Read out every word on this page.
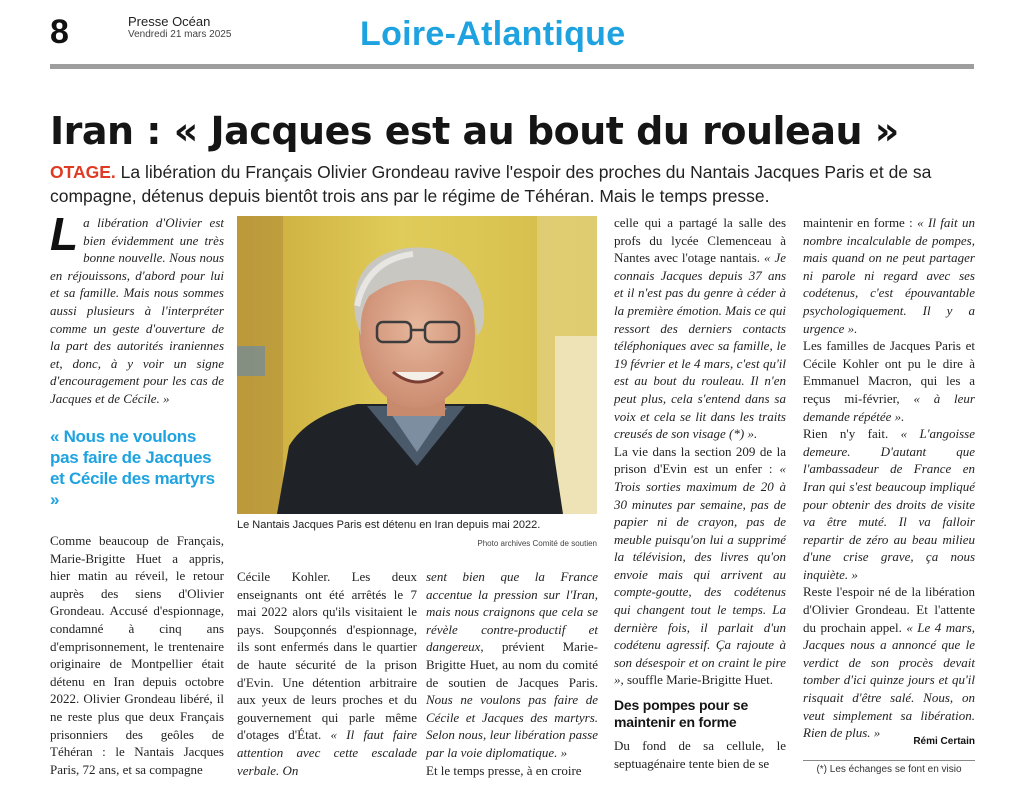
8	Presse Océan
Vendredi 21 mars 2025	Loire-Atlantique
Iran : « Jacques est au bout du rouleau »
OTAGE. La libération du Français Olivier Grondeau ravive l'espoir des proches du Nantais Jacques Paris et de sa compagne, détenus depuis bientôt trois ans par le régime de Téhéran. Mais le temps presse.
La libération d'Olivier est bien évidemment une très bonne nouvelle. Nous nous en réjouissons, d'abord pour lui et sa famille. Mais nous sommes aussi plusieurs à l'interpréter comme un geste d'ouverture de la part des autorités iraniennes et, donc, à y voir un signe d'encouragement pour les cas de Jacques et de Cécile. »
« Nous ne voulons pas faire de Jacques et Cécile des martyrs »
Comme beaucoup de Français, Marie-Brigitte Huet a appris, hier matin au réveil, le retour auprès des siens d'Olivier Grondeau. Accusé d'espionnage, condamné à cinq ans d'emprisonnement, le trentenaire originaire de Montpellier était détenu en Iran depuis octobre 2022. Olivier Grondeau libéré, il ne reste plus que deux Français prisonniers des geôles de Téhéran : le Nantais Jacques Paris, 72 ans, et sa compagne
Le Nantais Jacques Paris est détenu en Iran depuis mai 2022.
Photo archives Comité de soutien
Cécile Kohler. Les deux enseignants ont été arrêtés le 7 mai 2022 alors qu'ils visitaient le pays. Soupçonnés d'espionnage, ils sont enfermés dans le quartier de haute sécurité de la prison d'Evin. Une détention arbitraire aux yeux de leurs proches et du gouvernement qui parle même d'otages d'État. « Il faut faire attention avec cette escalade verbale. On
sent bien que la France accentue la pression sur l'Iran, mais nous craignons que cela se révèle contre-productif et dangereux, prévient Marie-Brigitte Huet, au nom du comité de soutien de Jacques Paris. Nous ne voulons pas faire de Cécile et Jacques des martyrs. Selon nous, leur libération passe par la voie diplomatique. »

Et le temps presse, à en croire

celle qui a partagé la salle des profs du lycée Clemenceau à Nantes avec l'otage nantais. « Je connais Jacques depuis 37 ans et il n'est pas du genre à céder à la première émotion. Mais ce qui ressort des derniers contacts téléphoniques avec sa famille, le 19 février et le 4 mars, c'est qu'il est au bout du rouleau. Il n'en peut plus, cela s'entend dans sa voix et cela se lit dans les traits creusés de son visage (*) ».

La vie dans la section 209 de la prison d'Evin est un enfer : « Trois sorties maximum de 20 à 30 minutes par semaine, pas de papier ni de crayon, pas de meuble puisqu'on lui a supprimé la télévision, des livres qu'on envoie mais qui arrivent au compte-goutte, des codétenus qui changent tout le temps. La dernière fois, il parlait d'un codétenu agressif. Ça rajoute à son désespoir et on craint le pire », souffle Marie-Brigitte Huet.

Des pompes pour se maintenir en forme

Du fond de sa cellule, le septuagénaire tente bien de se

maintenir en forme : « Il fait un nombre incalculable de pompes, mais quand on ne peut partager ni parole ni regard avec ses codétenus, c'est épouvantable psychologiquement. Il y a urgence ».

Les familles de Jacques Paris et Cécile Kohler ont pu le dire à Emmanuel Macron, qui les a reçus mi-février, « à leur demande répétée ».

Rien n'y fait. « L'angoisse demeure. D'autant que l'ambassadeur de France en Iran qui s'est beaucoup impliqué pour obtenir des droits de visite va être muté. Il va falloir repartir de zéro au beau milieu d'une crise grave, ça nous inquiète. »

Reste l'espoir né de la libération d'Olivier Grondeau. Et l'attente du prochain appel. « Le 4 mars, Jacques nous a annoncé que le verdict de son procès devait tomber d'ici quinze jours et qu'il risquait d'être salé. Nous, on veut simplement sa libération. Rien de plus. »

Rémi Certain
(*) Les échanges se font en visio
